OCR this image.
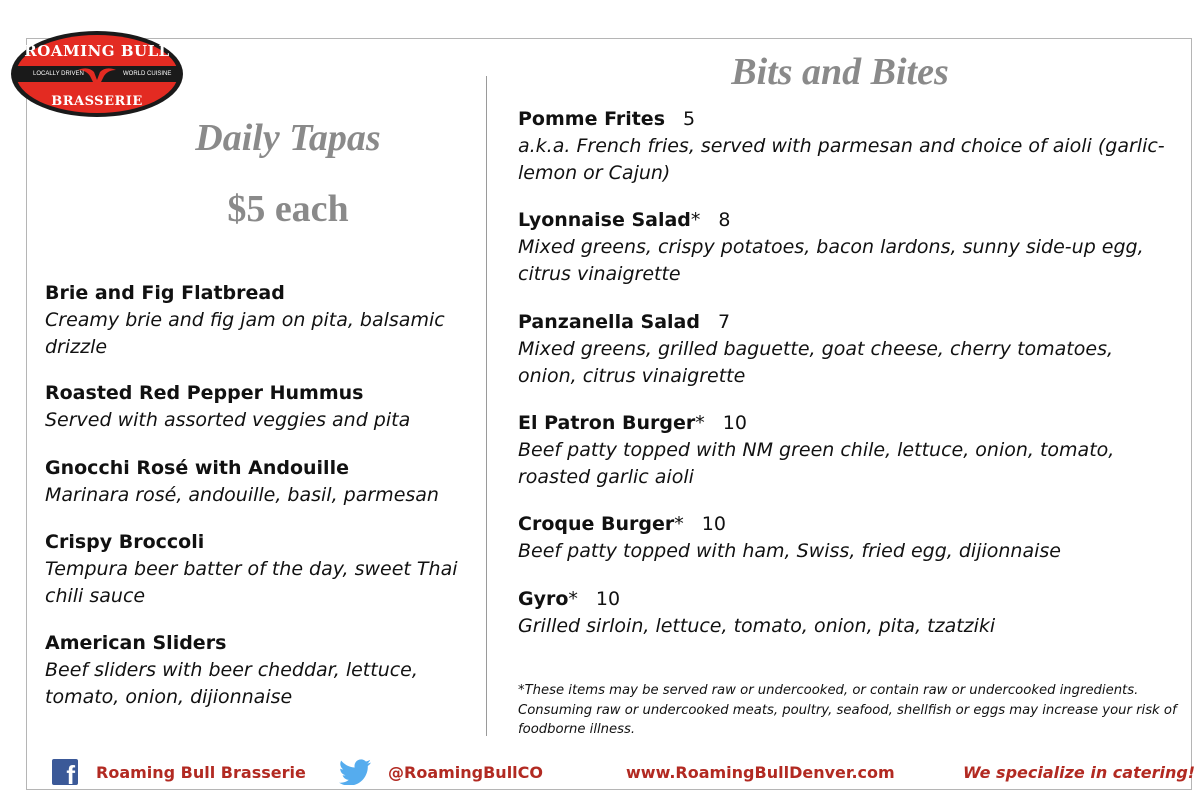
ROAMING BULL
LOCALLY DRIVEN	WORLD CUISINE
BRASSERIE
Daily Tapas
$5 each
Brie and Fig Flatbread
Creamy brie and fig jam on pita, balsamic drizzle
Roasted Red Pepper Hummus
Served with assorted veggies and pita
Gnocchi Rosé with Andouille
Marinara rosé, andouille, basil, parmesan
Crispy Broccoli
Tempura beer batter of the day, sweet Thai chili sauce
American Sliders
Beef sliders with beer cheddar, lettuce, tomato, onion, dijionnaise
Bits and Bites
Pomme Frites 5
a.k.a. French fries, served with parmesan and choice of aioli (garlic-lemon or Cajun)
Lyonnaise Salad* 8
Mixed greens, crispy potatoes, bacon lardons, sunny side-up egg, citrus vinaigrette
Panzanella Salad 7
Mixed greens, grilled baguette, goat cheese, cherry tomatoes, onion, citrus vinaigrette
El Patron Burger* 10
Beef patty topped with NM green chile, lettuce, onion, tomato, roasted garlic aioli
Croque Burger* 10
Beef patty topped with ham, Swiss, fried egg, dijionnaise
Gyro* 10
Grilled sirloin, lettuce, tomato, onion, pita, tzatziki
*These items may be served raw or undercooked, or contain raw or undercooked ingredients. Consuming raw or undercooked meats, poultry, seafood, shellfish or eggs may increase your risk of foodborne illness.
f Roaming Bull Brasserie	@RoamingBullCO	www.RoamingBullDenver.com	We specialize in catering!
